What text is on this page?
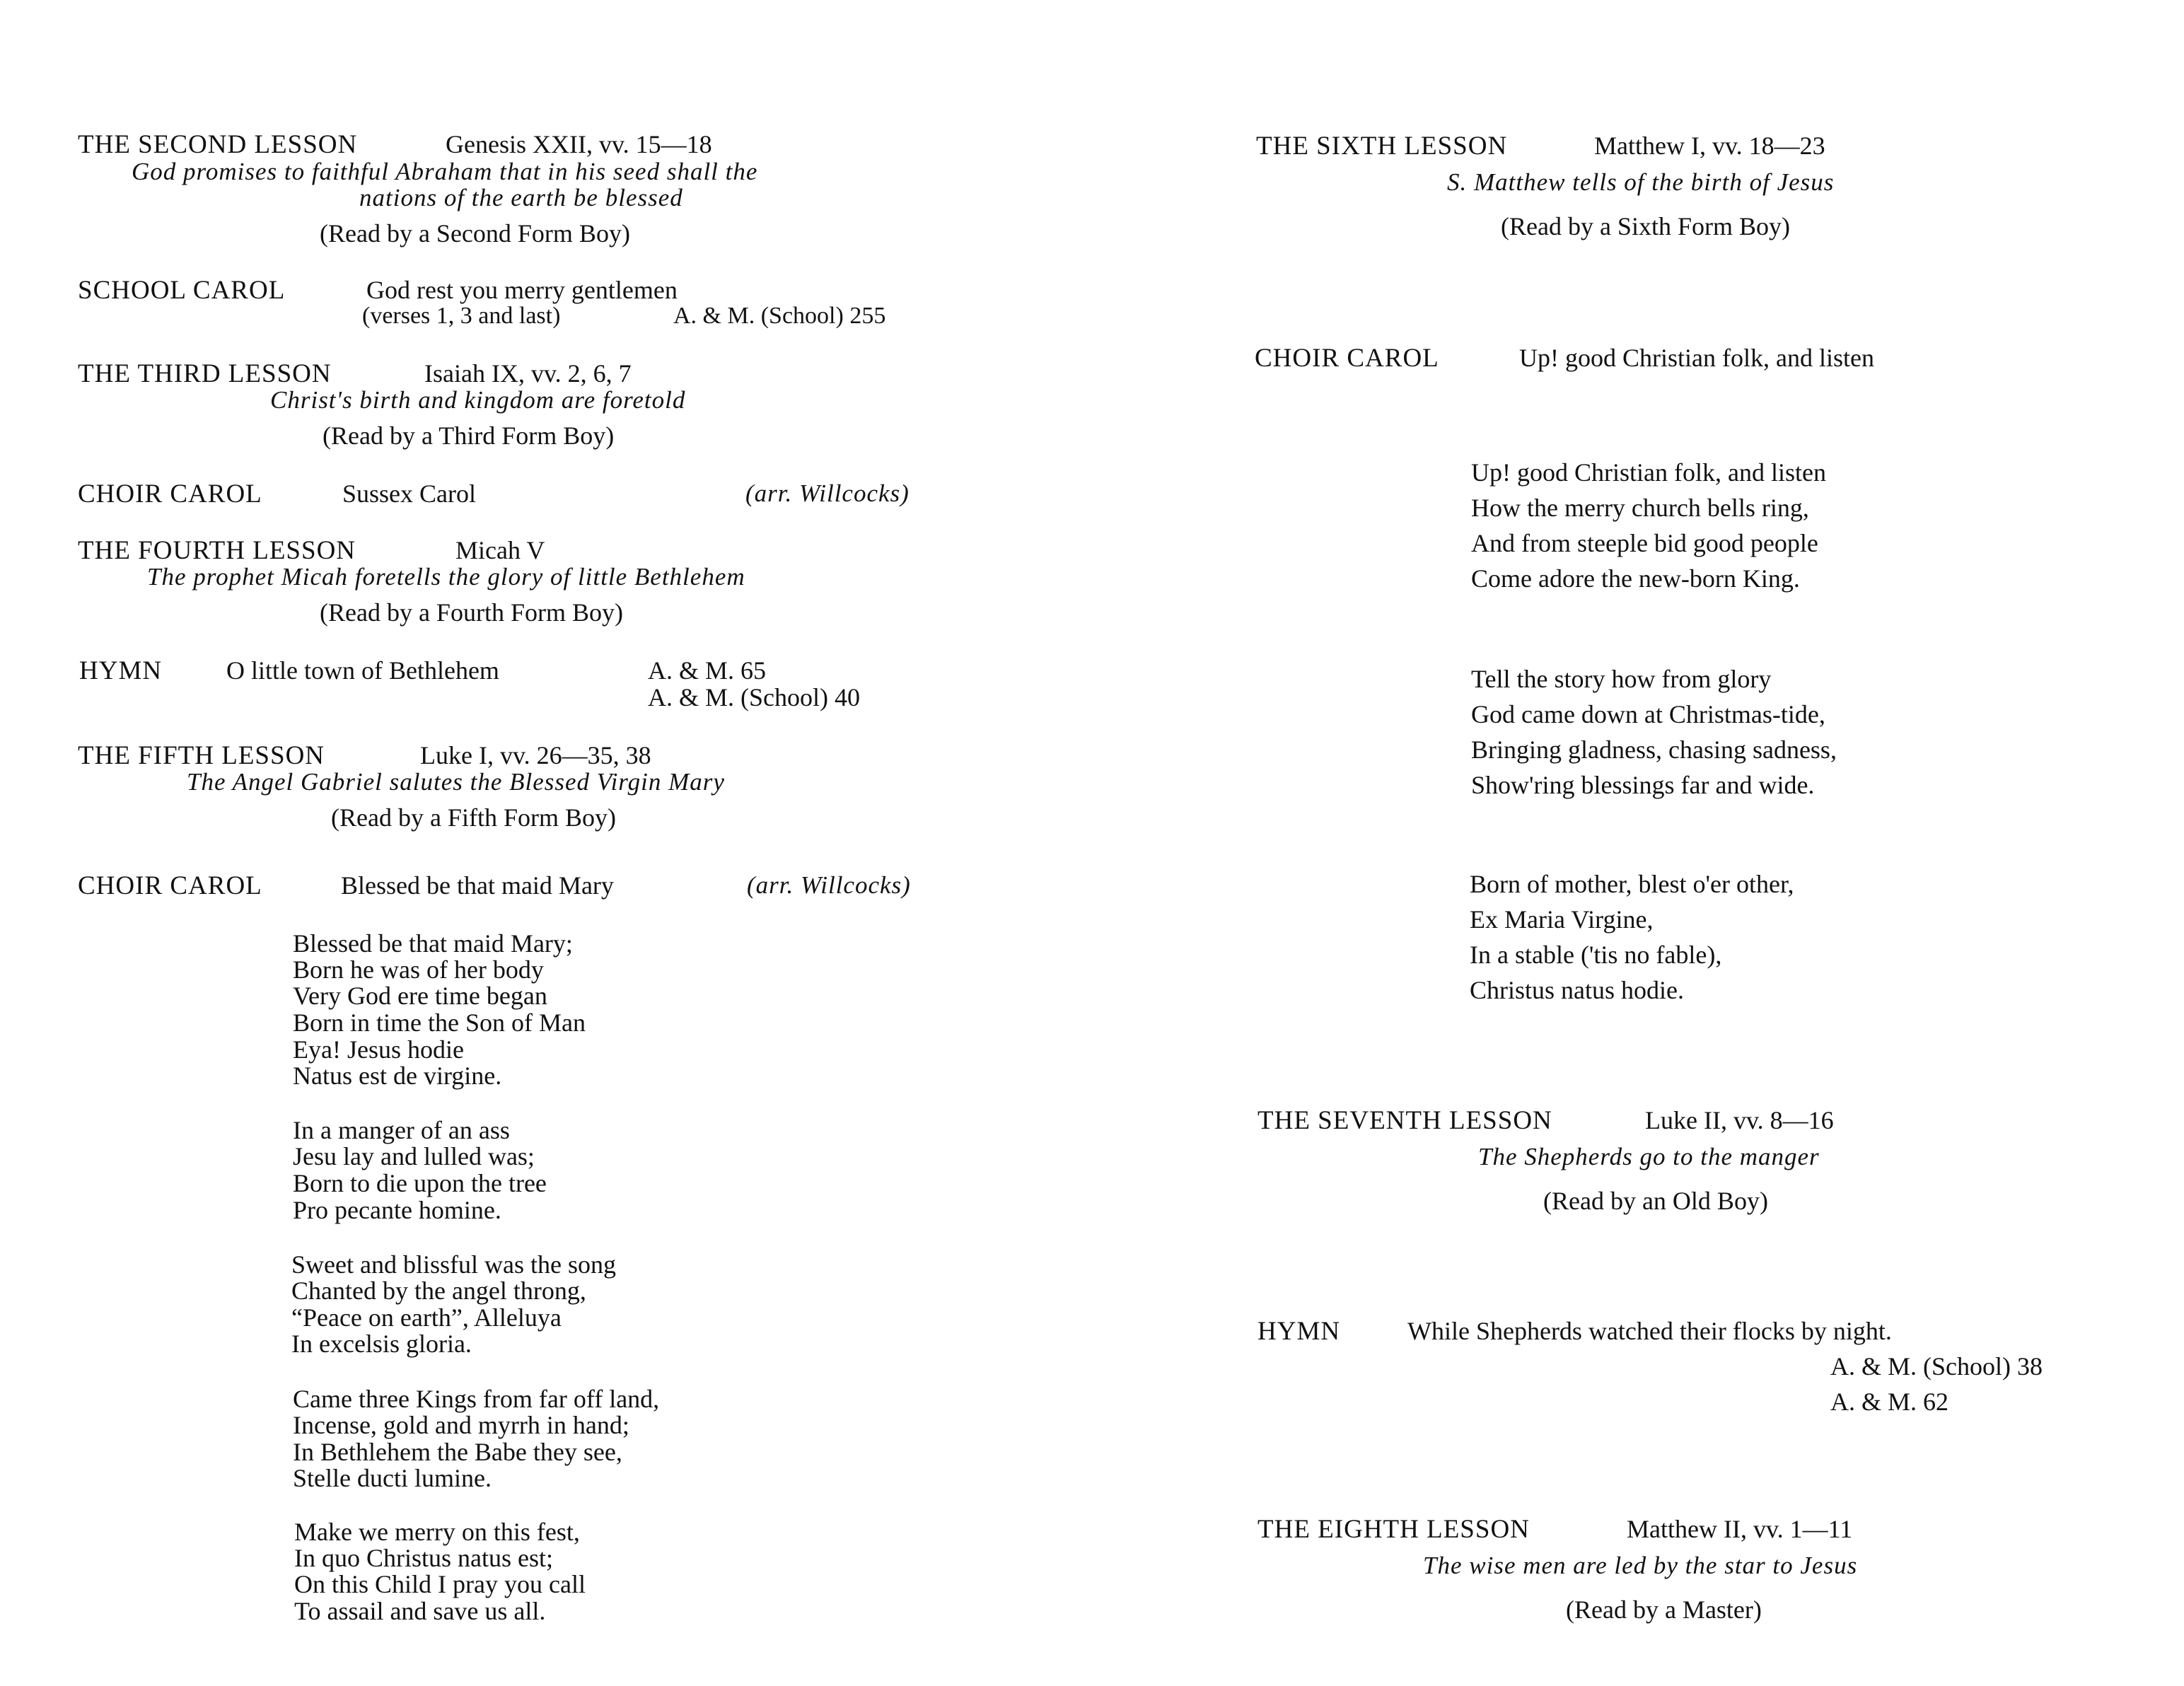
THE SECOND LESSON	Genesis XXII, vv. 15—18
God promises to faithful Abraham that in his seed shall the
nations of the earth be blessed
(Read by a Second Form Boy)
SCHOOL CAROL	God rest you merry gentlemen
(verses 1, 3 and last)	A. & M. (School) 255
THE THIRD LESSON	Isaiah IX, vv. 2, 6, 7
Christ's birth and kingdom are foretold
(Read by a Third Form Boy)
CHOIR CAROL	Sussex Carol	(arr. Willcocks)
THE FOURTH LESSON	Micah V
The prophet Micah foretells the glory of little Bethlehem
(Read by a Fourth Form Boy)
HYMN	O little town of Bethlehem	A. & M. 65
A. & M. (School) 40
THE FIFTH LESSON	Luke I, vv. 26—35, 38
The Angel Gabriel salutes the Blessed Virgin Mary
(Read by a Fifth Form Boy)
CHOIR CAROL	Blessed be that maid Mary	(arr. Willcocks)
Blessed be that maid Mary;
Born he was of her body
Very God ere time began
Born in time the Son of Man
Eya! Jesus hodie
Natus est de virgine.
In a manger of an ass
Jesu lay and lulled was;
Born to die upon the tree
Pro pecante homine.
Sweet and blissful was the song
Chanted by the angel throng,
“Peace on earth”, Alleluya
In excelsis gloria.
Came three Kings from far off land,
Incense, gold and myrrh in hand;
In Bethlehem the Babe they see,
Stelle ducti lumine.
Make we merry on this fest,
In quo Christus natus est;
On this Child I pray you call
To assail and save us all.
THE SIXTH LESSON	Matthew I, vv. 18—23
S. Matthew tells of the birth of Jesus
(Read by a Sixth Form Boy)
CHOIR CAROL	Up! good Christian folk, and listen
Up! good Christian folk, and listen
How the merry church bells ring,
And from steeple bid good people
Come adore the new-born King.
Tell the story how from glory
God came down at Christmas-tide,
Bringing gladness, chasing sadness,
Show'ring blessings far and wide.
Born of mother, blest o'er other,
Ex Maria Virgine,
In a stable ('tis no fable),
Christus natus hodie.
THE SEVENTH LESSON	Luke II, vv. 8—16
The Shepherds go to the manger
(Read by an Old Boy)
HYMN	While Shepherds watched their flocks by night.
A. & M. (School) 38
A. & M. 62
THE EIGHTH LESSON	Matthew II, vv. 1—11
The wise men are led by the star to Jesus
(Read by a Master)
